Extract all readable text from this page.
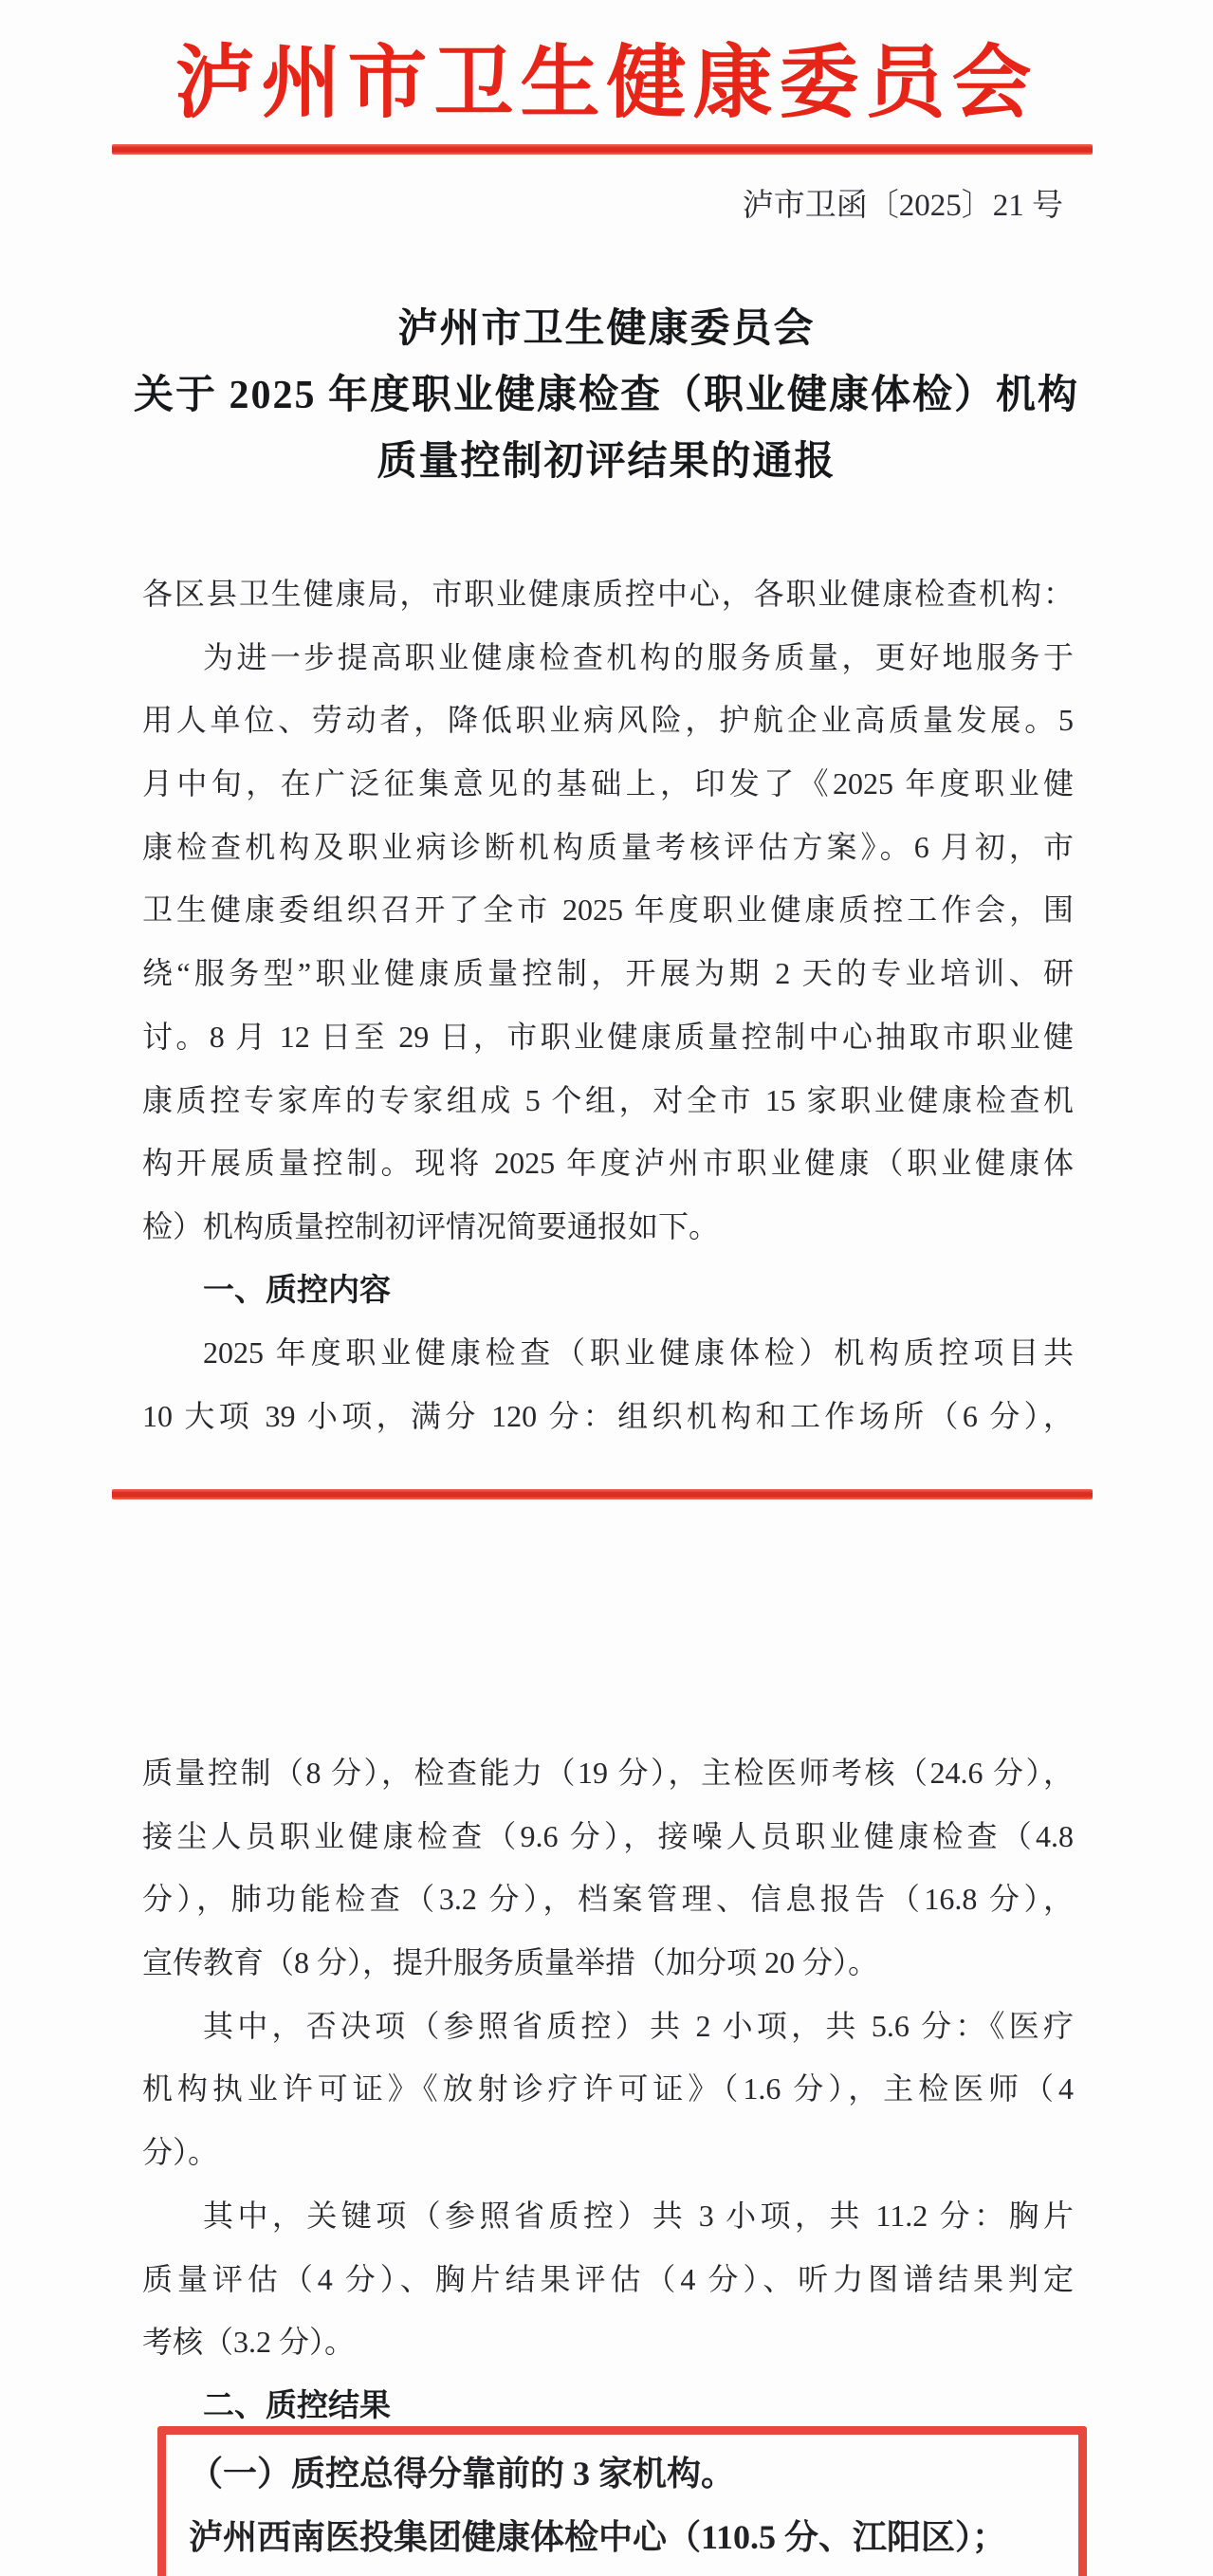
泸州市卫生健康委员会
泸市卫函〔2025〕21 号
泸州市卫生健康委员会
关于 2025 年度职业健康检查（职业健康体检）机构
质量控制初评结果的通报
各区县卫生健康局，市职业健康质控中心，各职业健康检查机构：
为进一步提高职业健康检查机构的服务质量，更好地服务于
用人单位、劳动者，降低职业病风险，护航企业高质量发展。5
月中旬，在广泛征集意见的基础上，印发了《2025 年度职业健
康检查机构及职业病诊断机构质量考核评估方案》。6 月初，市
卫生健康委组织召开了全市 2025 年度职业健康质控工作会，围
绕“服务型”职业健康质量控制，开展为期 2 天的专业培训、研
讨。8 月 12 日至 29 日，市职业健康质量控制中心抽取市职业健
康质控专家库的专家组成 5 个组，对全市 15 家职业健康检查机
构开展质量控制。现将 2025 年度泸州市职业健康（职业健康体
检）机构质量控制初评情况简要通报如下。
一、质控内容
2025 年度职业健康检查（职业健康体检）机构质控项目共
10 大项 39 小项，满分 120 分：组织机构和工作场所（6 分），
质量控制（8 分），检查能力（19 分），主检医师考核（24.6 分），
接尘人员职业健康检查（9.6 分），接噪人员职业健康检查（4.8
分），肺功能检查（3.2 分），档案管理、信息报告（16.8 分），
宣传教育（8 分），提升服务质量举措（加分项 20 分）。
其中，否决项（参照省质控）共 2 小项，共 5.6 分：《医疗
机构执业许可证》《放射诊疗许可证》（1.6 分），主检医师（4
分）。
其中，关键项（参照省质控）共 3 小项，共 11.2 分：胸片
质量评估（4 分）、胸片结果评估（4 分）、听力图谱结果判定
考核（3.2 分）。
二、质控结果
（一）质控总得分靠前的 3 家机构。
泸州西南医投集团健康体检中心（110.5 分、江阳区）；
